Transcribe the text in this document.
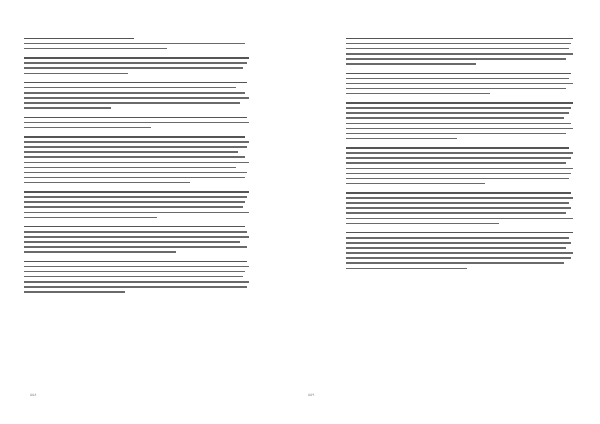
٥٥٨	٥٥٩
